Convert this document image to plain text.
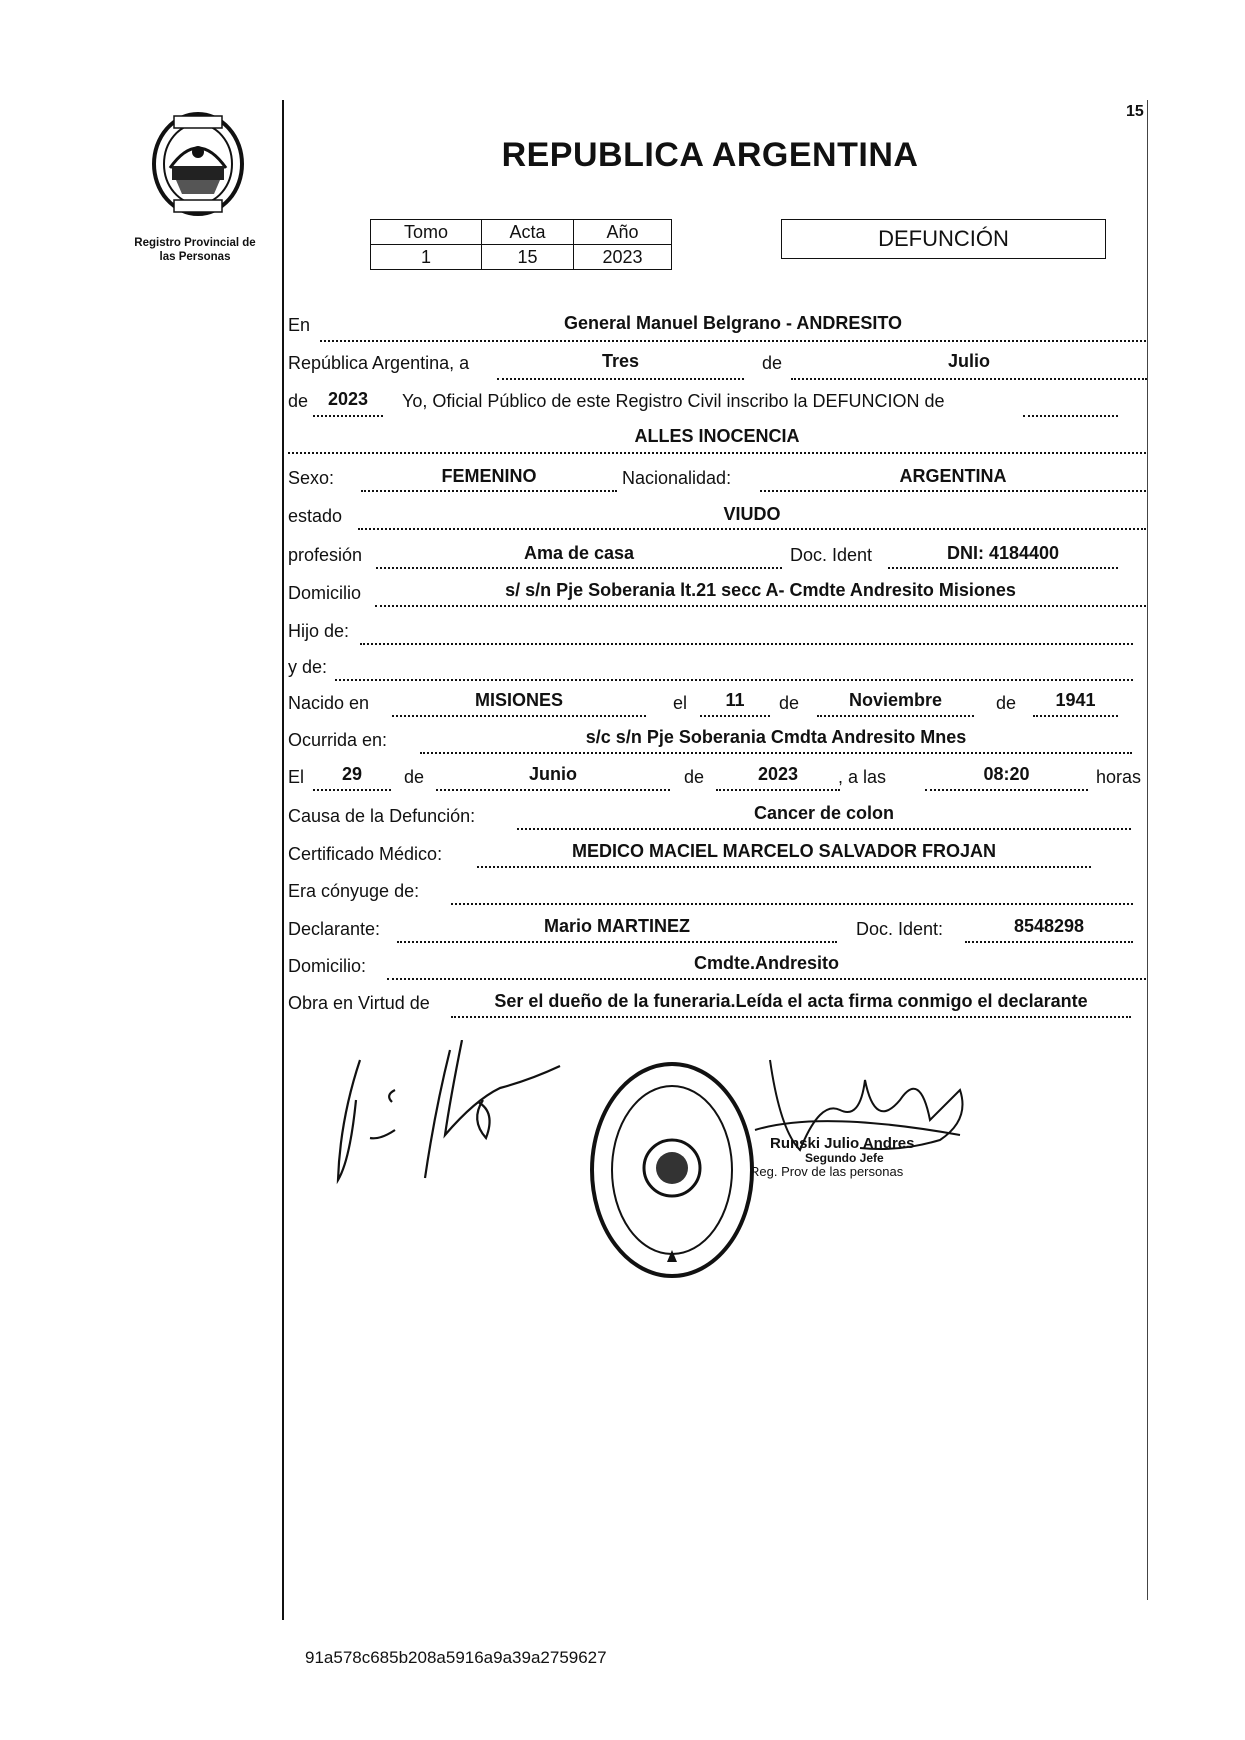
Registro Provincial de
las Personas
15
REPUBLICA ARGENTINA
Tomo	Acta	Año
1	15	2023
DEFUNCIÓN
En	General Manuel Belgrano - ANDRESITO
República Argentina, a	Tres	de	Julio
de	2023	Yo, Oficial Público de este Registro Civil inscribo la DEFUNCION de
ALLES INOCENCIA
Sexo:	FEMENINO	Nacionalidad:	ARGENTINA
estado	VIUDO
profesión	Ama de casa	Doc. Ident	DNI: 4184400
Domicilio	s/ s/n Pje Soberania lt.21 secc A- Cmdte Andresito Misiones
Hijo de:
y de:
Nacido en	MISIONES	el	11	de	Noviembre	de	1941
Ocurrida en:	s/c s/n Pje Soberania Cmdta Andresito Mnes
El	29	de	Junio	de	2023	, a las	08:20	horas
Causa de la Defunción:	Cancer de colon
Certificado Médico:	MEDICO MACIEL MARCELO SALVADOR FROJAN
Era cónyuge de:
Declarante:	Mario MARTINEZ	Doc. Ident:	8548298
Domicilio:	Cmdte.Andresito
Obra en Virtud de	Ser el dueño de la funeraria.Leída el acta firma conmigo el declarante
Runski Julio Andres
Segundo Jefe
Reg. Prov de las personas
91a578c685b208a5916a9a39a2759627
